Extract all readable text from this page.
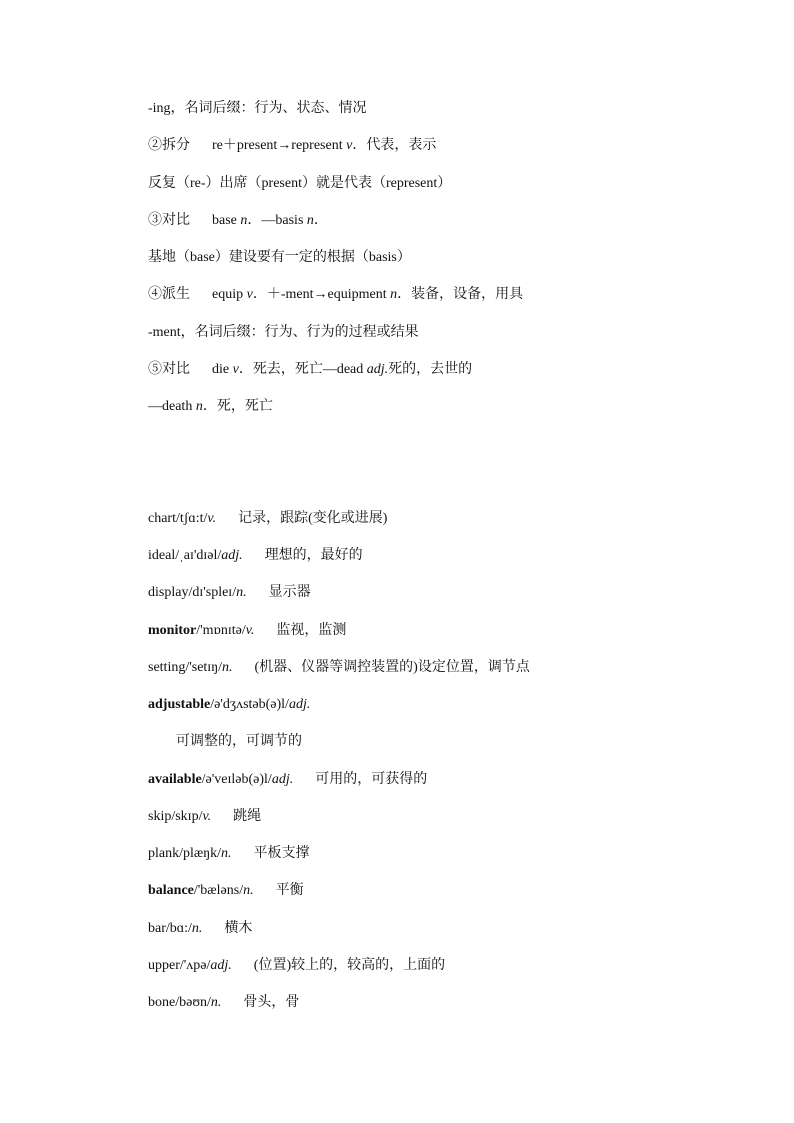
-ing，名词后缀：行为、状态、情况
②拆分 re＋present→represent v．代表，表示
反复（re-）出席（present）就是代表（represent）
③对比 base n．—basis n．
基地（base）建设要有一定的根据（basis）
④派生 equip v．＋-ment→equipment n．装备，设备，用具
-ment，名词后缀：行为、行为的过程或结果
⑤对比 die v．死去，死亡—dead adj.死的，去世的
—death n．死，死亡
chart/tʃɑ:t/v. 记录，跟踪(变化或进展)
ideal/ˌaɪ'dɪəl/adj. 理想的，最好的
display/dɪ'spleɪ/n. 显示器
monitor/'mɒnɪtə/v. 监视，监测
setting/'setɪŋ/n. (机器、仪器等调控装置的)设定位置，调节点
adjustable/ə'dʒʌstəb(ə)l/adj.
可调整的，可调节的
available/ə'veɪləb(ə)l/adj. 可用的，可获得的
skip/skɪp/v. 跳绳
plank/plæŋk/n. 平板支撑
balance/'bæləns/n. 平衡
bar/bɑ:/n. 横木
upper/'ʌpə/adj. (位置)较上的，较高的，上面的
bone/bəʊn/n. 骨头，骨
